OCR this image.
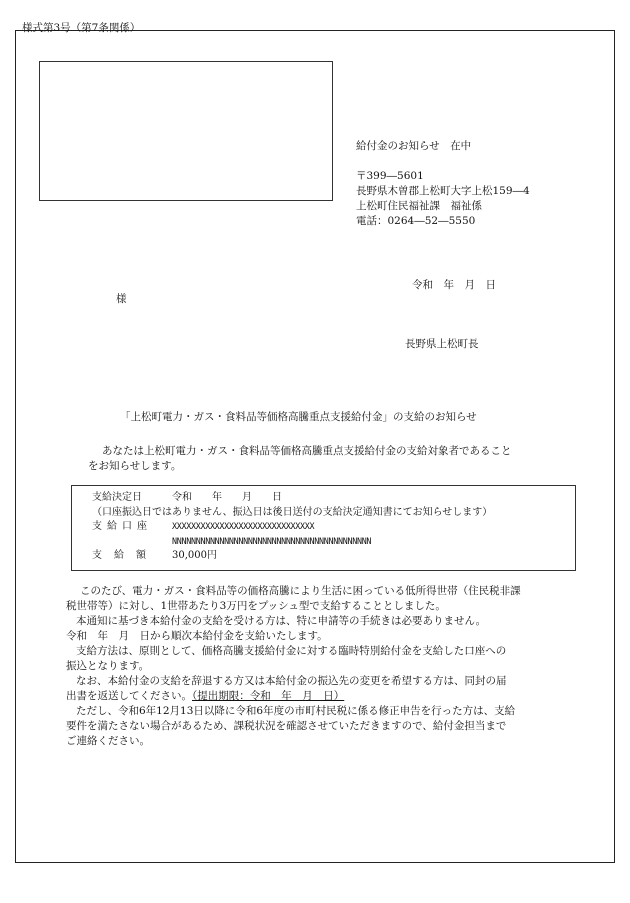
様式第3号（第7条関係）
給付金のお知らせ　在中
〒399―5601
長野県木曽郡上松町大字上松159―4
上松町住民福祉課　福祉係
電話：0264―52―5550
令和　年　月　日
様
長野県上松町長
「上松町電力・ガス・食料品等価格高騰重点支援給付金」の支給のお知らせ
あなたは上松町電力・ガス・食料品等価格高騰重点支援給付金の支給対象者であること
をお知らせします。
支給決定日	令和　　年　　月　　日
（口座振込日ではありません、振込日は後日送付の支給決定通知書にてお知らせします）
支給口座 XXXXXXXXXXXXXXXXXXXXXXXXXXXXXX
NNNNNNNNNNNNNNNNNNNNNNNNNNNNNNNNNNNNNNNNNN
支給額 30,000円
このたび、電力・ガス・食料品等の価格高騰により生活に困っている低所得世帯（住民税非課
税世帯等）に対し、1世帯あたり3万円をプッシュ型で支給することとしました。
本通知に基づき本給付金の支給を受ける方は、特に申請等の手続きは必要ありません。
令和　年　月　日から順次本給付金を支給いたします。
支給方法は、原則として、価格高騰支援給付金に対する臨時特別給付金を支給した口座への
振込となります。
なお、本給付金の支給を辞退する方又は本給付金の振込先の変更を希望する方は、同封の届
出書を返送してください。（提出期限：令和　年　月　日）
ただし、令和6年12月13日以降に令和6年度の市町村民税に係る修正申告を行った方は、支給
要件を満たさない場合があるため、課税状況を確認させていただきますので、給付金担当まで
ご連絡ください。
